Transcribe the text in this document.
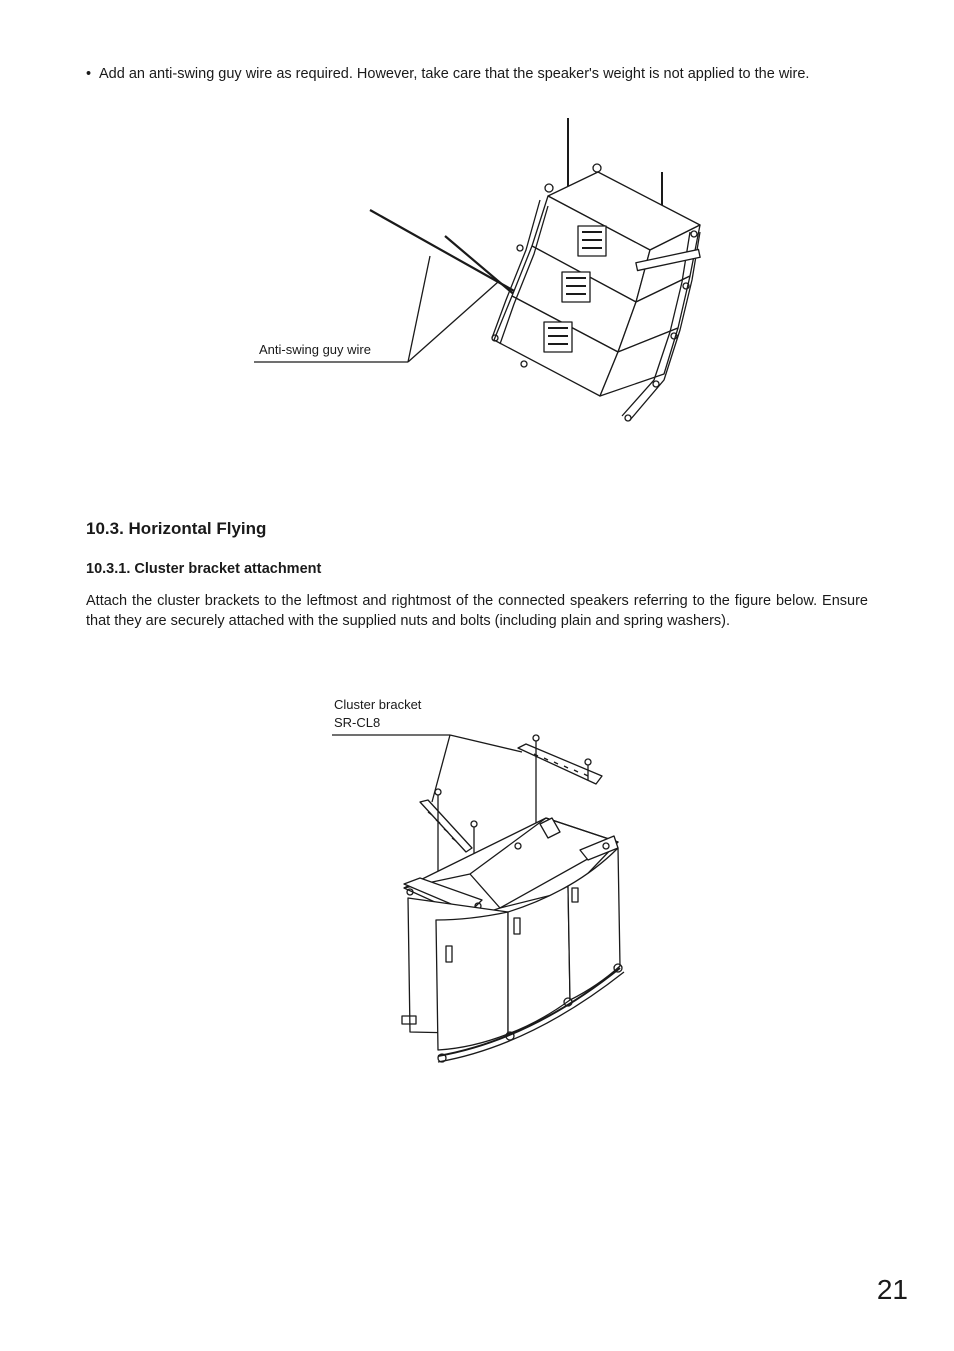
• Add an anti-swing guy wire as required. However, take care that the speaker's weight is not applied to the wire.
Anti-swing guy wire
10.3. Horizontal Flying
10.3.1. Cluster bracket attachment
Attach the cluster brackets to the leftmost and rightmost of the connected speakers referring to the figure below. Ensure that they are securely attached with the supplied nuts and bolts (including plain and spring washers).
Cluster bracket
SR-CL8
21
